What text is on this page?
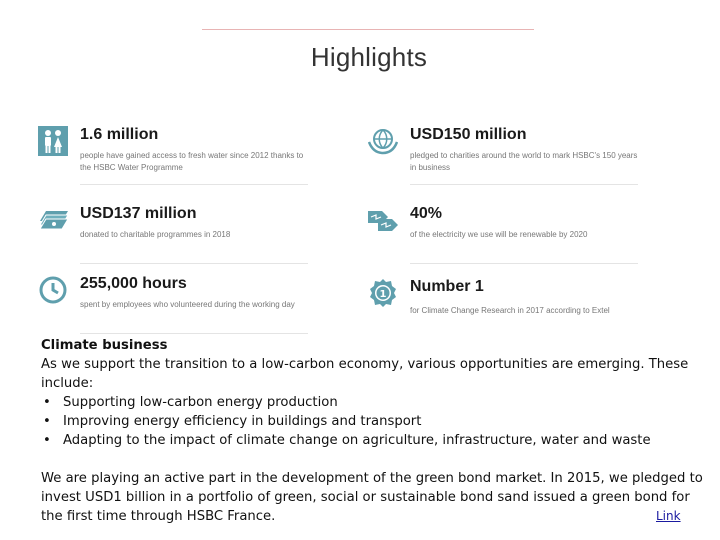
Highlights
1.6 million
people have gained access to fresh water since 2012 thanks to the HSBC Water Programme
USD150 million
pledged to charities around the world to mark HSBC's 150 years in business
USD137 million
donated to charitable programmes in 2018
40%
of the electricity we use will be renewable by 2020
255,000 hours
spent by employees who volunteered during the working day
1 Number 1
for Climate Change Research in 2017 according to Extel

Climate business

As we support the transition to a low-carbon economy, various opportunities are emerging. These include:

• Supporting low-carbon energy production
• Improving energy efficiency in buildings and transport
• Adapting to the impact of climate change on agriculture, infrastructure, water and waste

We are playing an active part in the development of the green bond market. In 2015, we pledged to invest USD1 billion in a portfolio of green, social or sustainable bond sand issued a green bond for the first time through HSBC France.	Link
